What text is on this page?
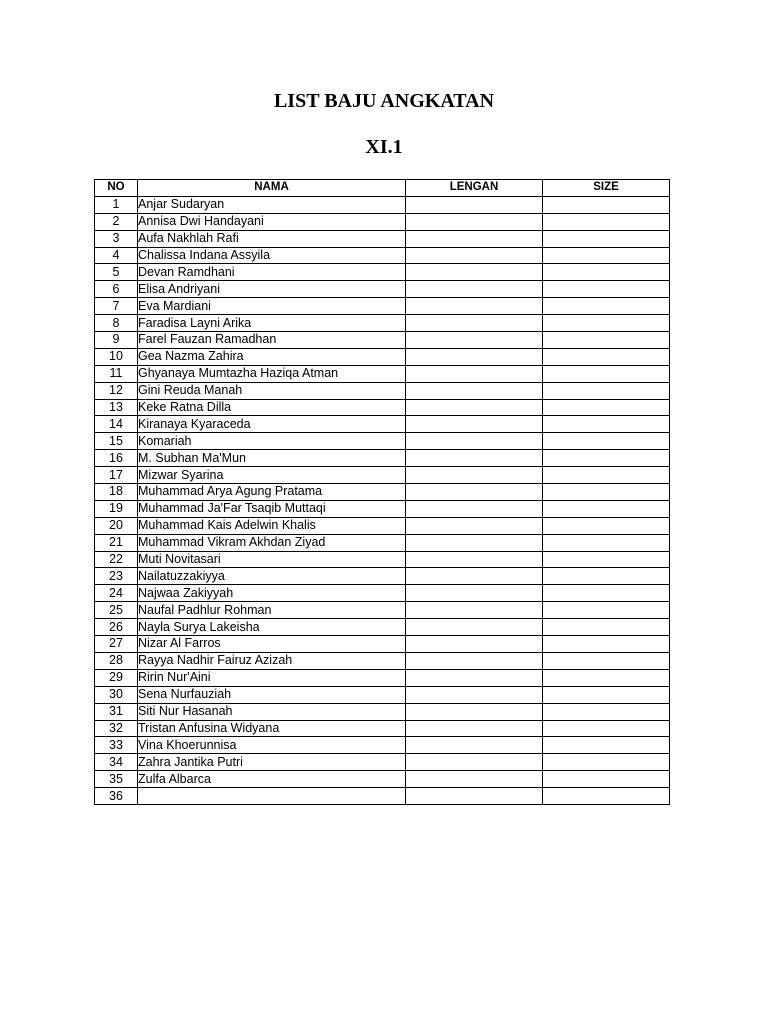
LIST BAJU ANGKATAN
XI.1
NO	NAMA	LENGAN	SIZE
1	Anjar Sudaryan		
2	Annisa Dwi Handayani		
3	Aufa Nakhlah Rafi		
4	Chalissa Indana Assyila		
5	Devan Ramdhani		
6	Elisa Andriyani		
7	Eva Mardiani		
8	Faradisa Layni Arika		
9	Farel Fauzan Ramadhan		
10	Gea Nazma Zahira		
11	Ghyanaya Mumtazha Haziqa Atman		
12	Gini Reuda Manah		
13	Keke Ratna Dilla		
14	Kiranaya Kyaraceda		
15	Komariah		
16	M. Subhan Ma'Mun		
17	Mizwar Syarina		
18	Muhammad Arya Agung Pratama		
19	Muhammad Ja'Far Tsaqib Muttaqi		
20	Muhammad Kais Adelwin Khalis		
21	Muhammad Vikram Akhdan Ziyad		
22	Muti Novitasari		
23	Nailatuzzakiyya		
24	Najwaa Zakiyyah		
25	Naufal Padhlur Rohman		
26	Nayla Surya Lakeisha		
27	Nizar Al Farros		
28	Rayya Nadhir Fairuz Azizah		
29	Ririn Nur'Aini		
30	Sena Nurfauziah		
31	Siti Nur Hasanah		
32	Tristan Anfusina Widyana		
33	Vina Khoerunnisa		
34	Zahra Jantika Putri		
35	Zulfa Albarca		
36			
